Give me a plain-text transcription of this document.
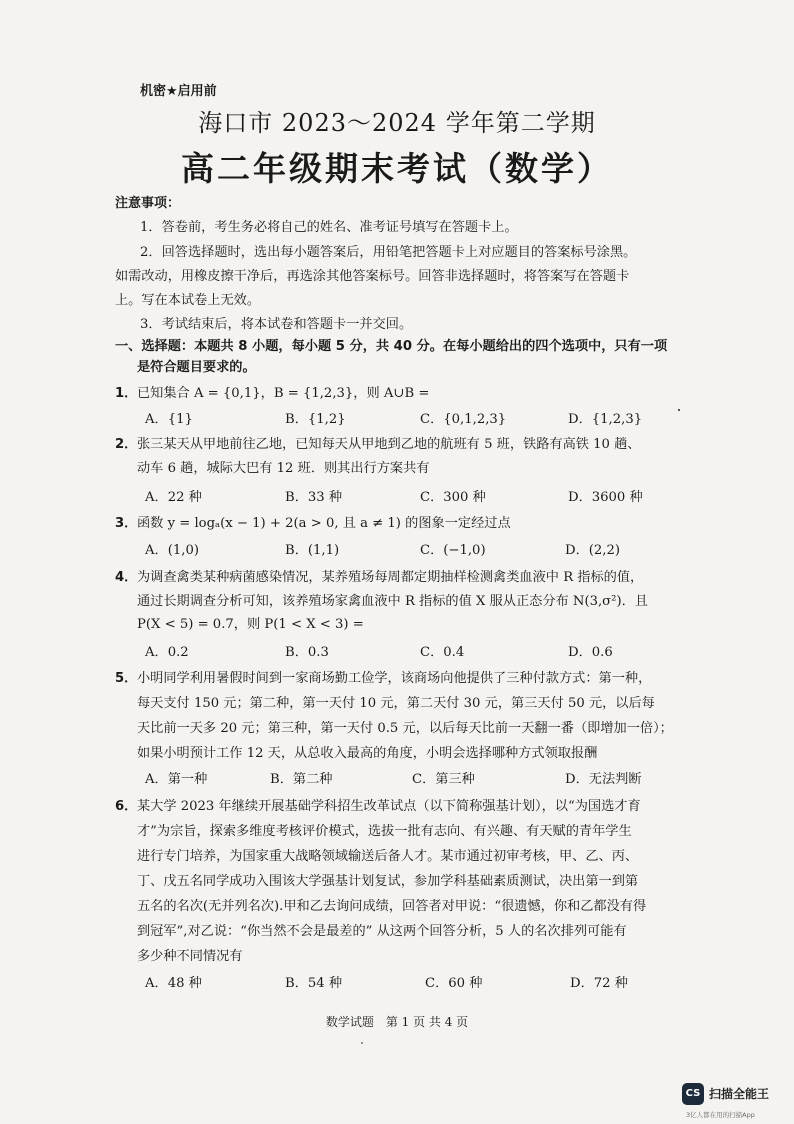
机密★启用前
海口市 2023～2024 学年第二学期
高二年级期末考试（数学）
注意事项：
1．答卷前，考生务必将自己的姓名、准考证号填写在答题卡上。
2．回答选择题时，选出每小题答案后，用铅笔把答题卡上对应题目的答案标号涂黑。
如需改动，用橡皮擦干净后，再选涂其他答案标号。回答非选择题时，将答案写在答题卡
上。写在本试卷上无效。
3．考试结束后，将本试卷和答题卡一并交回。
一、选择题：本题共 8 小题，每小题 5 分，共 40 分。在每小题给出的四个选项中，只有一项
是符合题目要求的。
1． 已知集合 A = {0,1}，B = {1,2,3}，则 A∪B =
A．{1}	B．{1,2}	C．{0,1,2,3}	D．{1,2,3}
2． 张三某天从甲地前往乙地，已知每天从甲地到乙地的航班有 5 班，铁路有高铁 10 趟、
动车 6 趟，城际大巴有 12 班．则其出行方案共有
A．22 种	B．33 种	C．300 种	D．3600 种
3． 函数 y = logₐ(x − 1) + 2(a > 0, 且 a ≠ 1) 的图象一定经过点
A．(1,0)	B．(1,1)	C．(−1,0)	D．(2,2)
4． 为调查禽类某种病菌感染情况，某养殖场每周都定期抽样检测禽类血液中 R 指标的值，
通过长期调查分析可知，该养殖场家禽血液中 R 指标的值 X 服从正态分布 N(3,σ²)．且
P(X < 5) = 0.7，则 P(1 < X < 3) =
A．0.2	B．0.3	C．0.4	D．0.6
5． 小明同学利用暑假时间到一家商场勤工俭学，该商场向他提供了三种付款方式：第一种，
每天支付 150 元；第二种，第一天付 10 元，第二天付 30 元，第三天付 50 元，以后每
天比前一天多 20 元；第三种，第一天付 0.5 元，以后每天比前一天翻一番（即增加一倍）；
如果小明预计工作 12 天，从总收入最高的角度，小明会选择哪种方式领取报酬
A．第一种	B．第二种	C．第三种	D．无法判断
6． 某大学 2023 年继续开展基础学科招生改革试点（以下简称强基计划），以“为国选才育
才”为宗旨，探索多维度考核评价模式，选拔一批有志向、有兴趣、有天赋的青年学生
进行专门培养，为国家重大战略领域输送后备人才。某市通过初审考核，甲、乙、丙、
丁、戊五名同学成功入围该大学强基计划复试，参加学科基础素质测试，决出第一到第
五名的名次(无并列名次).甲和乙去询问成绩，回答者对甲说：“很遗憾，你和乙都没有得
到冠军”,对乙说：“你当然不会是最差的” 从这两个回答分析，5 人的名次排列可能有
多少种不同情况有
A．48 种	B．54 种	C．60 种	D．72 种
数学试题　第 1 页 共 4 页
CS 扫描全能王
3亿人都在用的扫描App
